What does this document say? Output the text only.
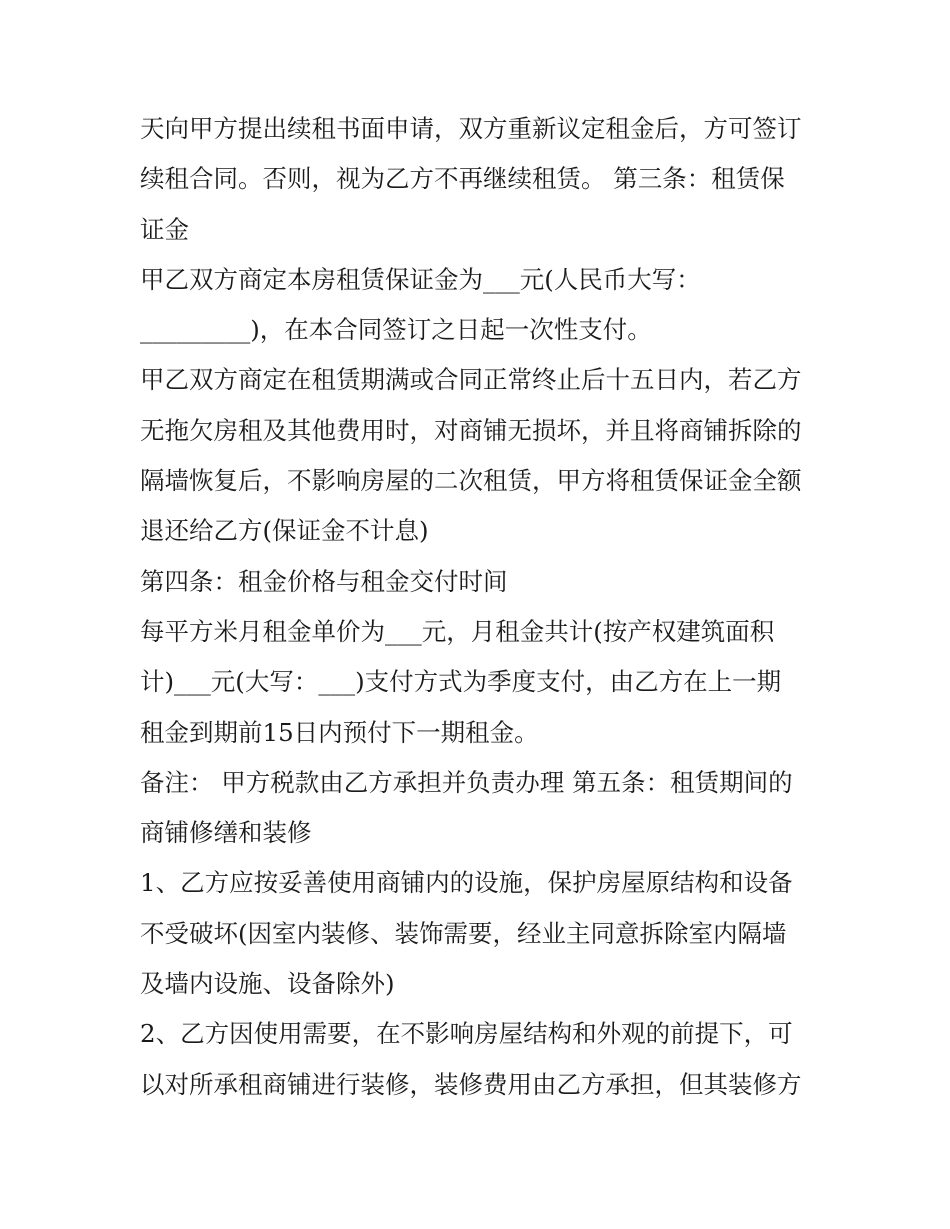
天向甲方提出续租书面申请，双方重新议定租金后，方可签订
续租合同。否则，视为乙方不再继续租赁。 第三条：租赁保
证金

甲乙双方商定本房租赁保证金为___元(人民币大写：
_________)，在本合同签订之日起一次性支付。

甲乙双方商定在租赁期满或合同正常终止后十五日内，若乙方
无拖欠房租及其他费用时，对商铺无损坏，并且将商铺拆除的
隔墙恢复后，不影响房屋的二次租赁，甲方将租赁保证金全额
退还给乙方(保证金不计息)

第四条：租金价格与租金交付时间

每平方米月租金单价为___元，月租金共计(按产权建筑面积
计)___元(大写：___)支付方式为季度支付，由乙方在上一期
租金到期前15日内预付下一期租金。

备注： 甲方税款由乙方承担并负责办理 第五条：租赁期间的
商铺修缮和装修

1、乙方应按妥善使用商铺内的设施，保护房屋原结构和设备
不受破坏(因室内装修、装饰需要，经业主同意拆除室内隔墙
及墙内设施、设备除外)

2、乙方因使用需要，在不影响房屋结构和外观的前提下，可
以对所承租商铺进行装修，装修费用由乙方承担，但其装修方
